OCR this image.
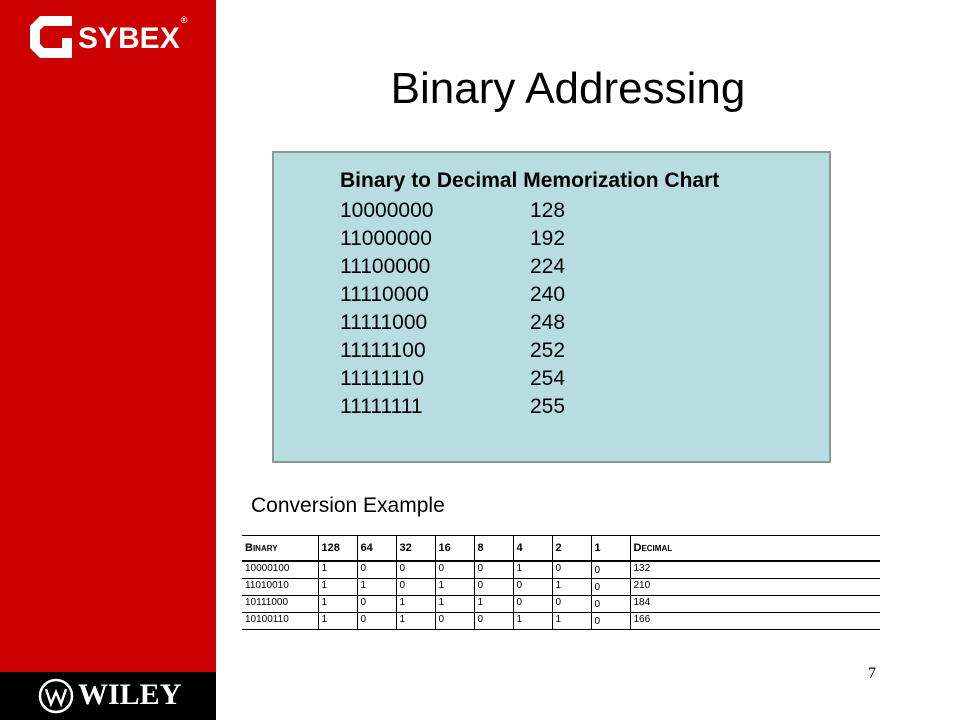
SYBEX®
WILEY
Binary Addressing
Binary to Decimal Memorization Chart
10000000	128
11000000	192
11100000	224
11110000	240
11111000	248
11111100	252
11111110	254
11111111	255
Conversion Example
Binary	128	64	32	16	8	4	2	1	Decimal
10000100	1	0	0	0	0	1	0	0	132
11010010	1	1	0	1	0	0	1	0	210
10111000	1	0	1	1	1	0	0	0	184
10100110	1	0	1	0	0	1	1	0	166
7
